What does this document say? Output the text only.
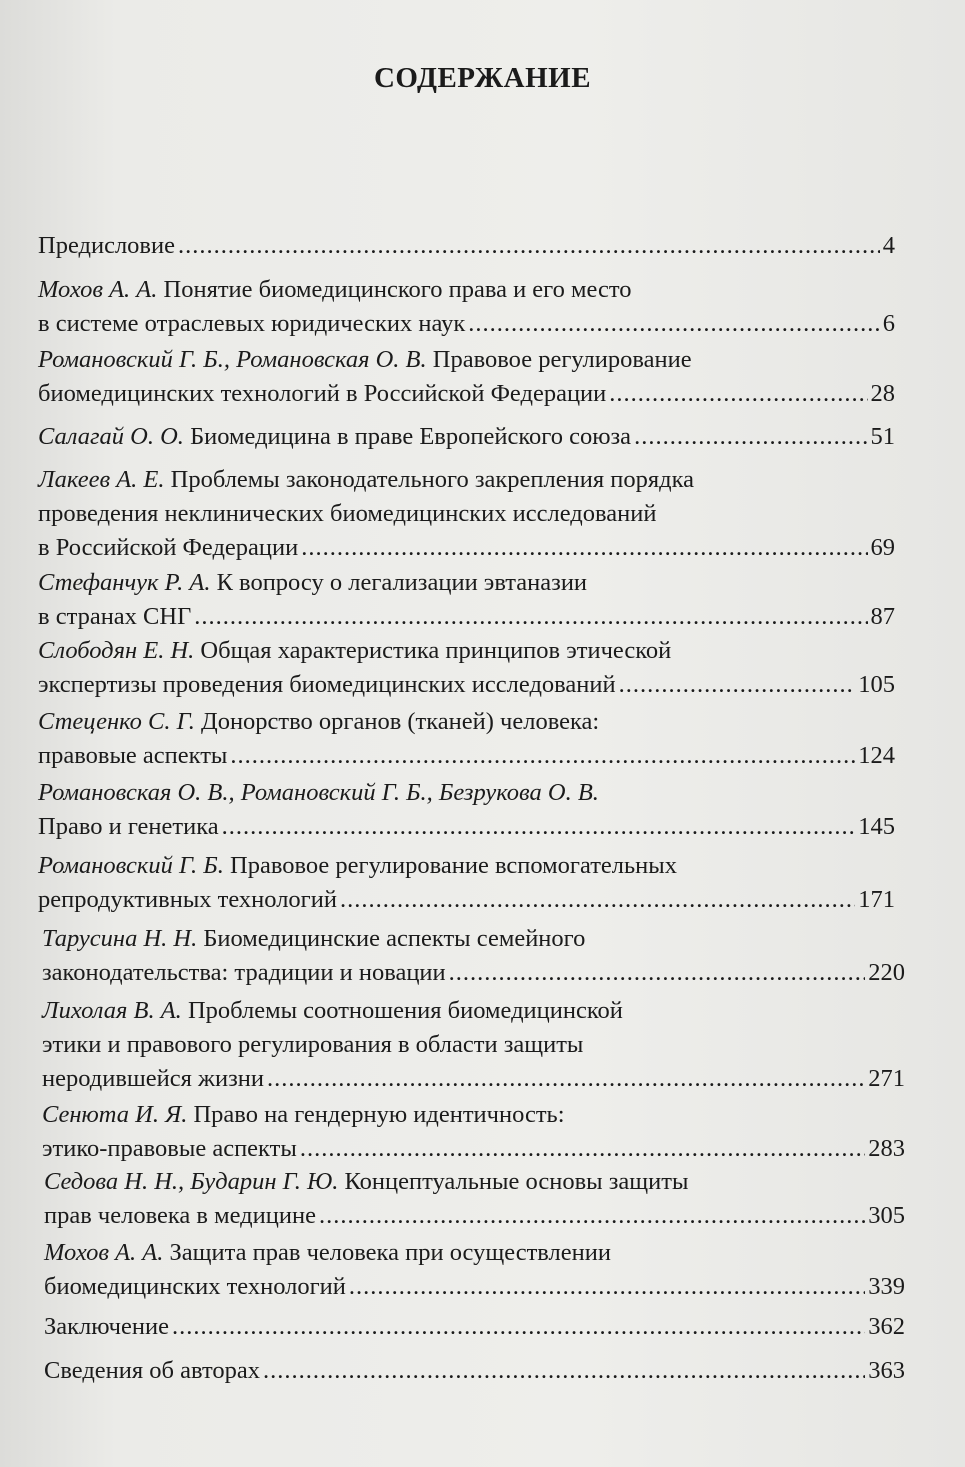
СОДЕРЖАНИЕ
Предисловие .....	4
Мохов А. А. Понятие биомедицинского права и его место
в системе отраслевых юридических наук .....	6
Романовский Г. Б., Романовская О. В. Правовое регулирование
биомедицинских технологий в Российской Федерации .....	28
Салагай О. О. Биомедицина в праве Европейского союза .....	51
Лакеев А. Е. Проблемы законодательного закрепления порядка
проведения неклинических биомедицинских исследований
в Российской Федерации .....	69
Стефанчук Р. А. К вопросу о легализации эвтаназии
в странах СНГ .....	87
Слободян Е. Н. Общая характеристика принципов этической
экспертизы проведения биомедицинских исследований .....	105
Стеценко С. Г. Донорство органов (тканей) человека:
правовые аспекты .....	124
Романовская О. В., Романовский Г. Б., Безрукова О. В.
Право и генетика .....	145
Романовский Г. Б. Правовое регулирование вспомогательных
репродуктивных технологий .....	171
Тарусина Н. Н. Биомедицинские аспекты семейного
законодательства: традиции и новации .....	220
Лихолая В. А. Проблемы соотношения биомедицинской
этики и правового регулирования в области защиты
неродившейся жизни .....	271
Сенюта И. Я. Право на гендерную идентичность:
этико-правовые аспекты .....	283
Седова Н. Н., Бударин Г. Ю. Концептуальные основы защиты
прав человека в медицине .....	305
Мохов А. А. Защита прав человека при осуществлении
биомедицинских технологий .....	339
Заключение .....	362
Сведения об авторах .....	363
